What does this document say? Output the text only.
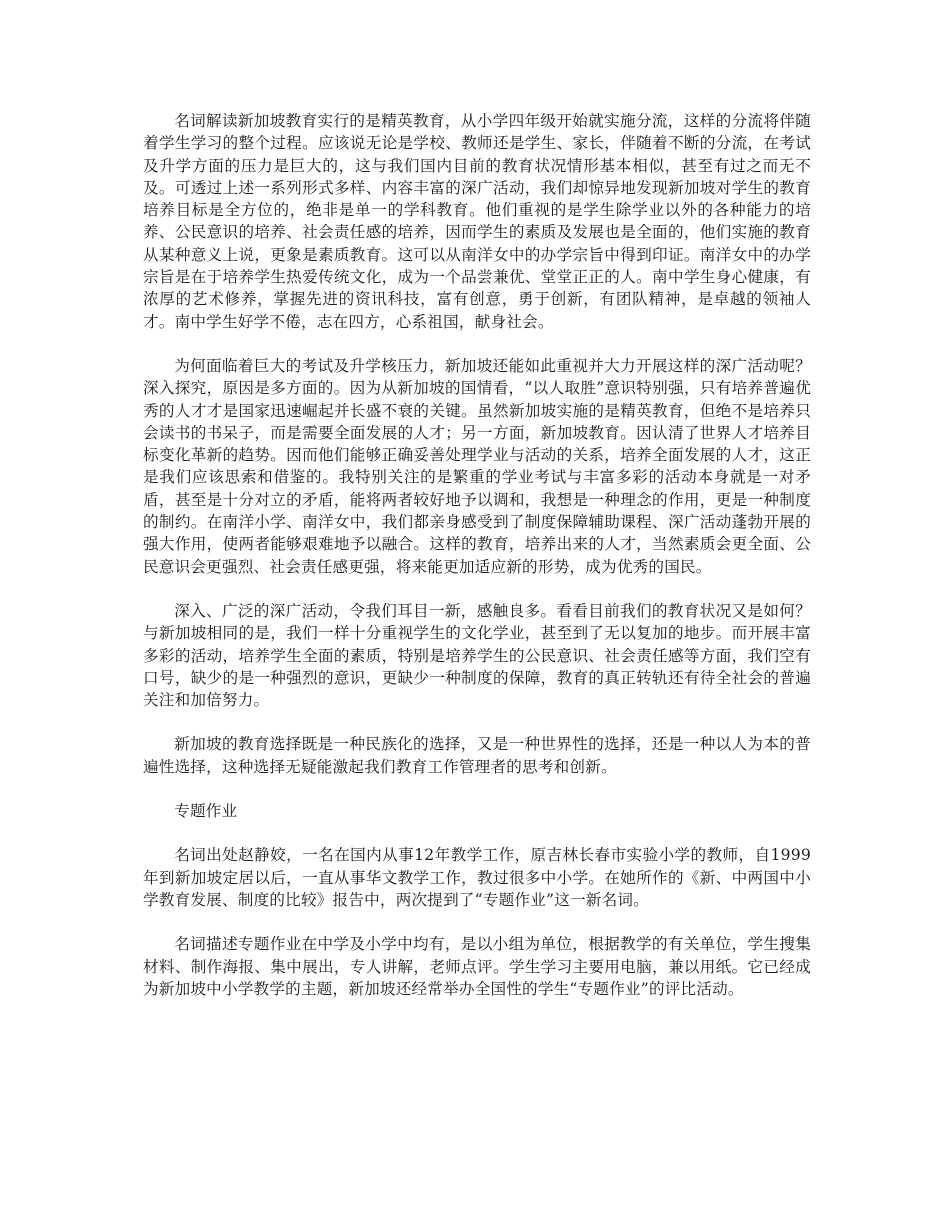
名词解读新加坡教育实行的是精英教育，从小学四年级开始就实施分流，这样的分流将伴随着学生学习的整个过程。应该说无论是学校、教师还是学生、家长，伴随着不断的分流，在考试及升学方面的压力是巨大的，这与我们国内目前的教育状况情形基本相似，甚至有过之而无不及。可透过上述一系列形式多样、内容丰富的深广活动，我们却惊异地发现新加坡对学生的教育培养目标是全方位的，绝非是单一的学科教育。他们重视的是学生除学业以外的各种能力的培养、公民意识的培养、社会责任感的培养，因而学生的素质及发展也是全面的，他们实施的教育从某种意义上说，更象是素质教育。这可以从南洋女中的办学宗旨中得到印证。南洋女中的办学宗旨是在于培养学生热爱传统文化，成为一个品尝兼优、堂堂正正的人。南中学生身心健康，有浓厚的艺术修养，掌握先进的资讯科技，富有创意，勇于创新，有团队精神，是卓越的领袖人才。南中学生好学不倦，志在四方，心系祖国，献身社会。

为何面临着巨大的考试及升学核压力，新加坡还能如此重视并大力开展这样的深广活动呢？深入探究，原因是多方面的。因为从新加坡的国情看，“以人取胜”意识特别强，只有培养普遍优秀的人才才是国家迅速崛起并长盛不衰的关键。虽然新加坡实施的是精英教育，但绝不是培养只会读书的书呆子，而是需要全面发展的人才；另一方面，新加坡教育。因认清了世界人才培养目标变化革新的趋势。因而他们能够正确妥善处理学业与活动的关系，培养全面发展的人才，这正是我们应该思索和借鉴的。我特别关注的是繁重的学业考试与丰富多彩的活动本身就是一对矛盾，甚至是十分对立的矛盾，能将两者较好地予以调和，我想是一种理念的作用，更是一种制度的制约。在南洋小学、南洋女中，我们都亲身感受到了制度保障辅助课程、深广活动蓬勃开展的强大作用，使两者能够艰难地予以融合。这样的教育，培养出来的人才，当然素质会更全面、公民意识会更强烈、社会责任感更强，将来能更加适应新的形势，成为优秀的国民。

深入、广泛的深广活动，令我们耳目一新，感触良多。看看目前我们的教育状况又是如何？与新加坡相同的是，我们一样十分重视学生的文化学业，甚至到了无以复加的地步。而开展丰富多彩的活动，培养学生全面的素质，特别是培养学生的公民意识、社会责任感等方面，我们空有口号，缺少的是一种强烈的意识，更缺少一种制度的保障，教育的真正转轨还有待全社会的普遍关注和加倍努力。

新加坡的教育选择既是一种民族化的选择，又是一种世界性的选择，还是一种以人为本的普遍性选择，这种选择无疑能激起我们教育工作管理者的思考和创新。

专题作业

名词出处赵静姣，一名在国内从事12年教学工作，原吉林长春市实验小学的教师，自1999年到新加坡定居以后，一直从事华文教学工作，教过很多中小学。在她所作的《新、中两国中小学教育发展、制度的比较》报告中，两次提到了“专题作业”这一新名词。

名词描述专题作业在中学及小学中均有，是以小组为单位，根据教学的有关单位，学生搜集材料、制作海报、集中展出，专人讲解，老师点评。学生学习主要用电脑，兼以用纸。它已经成为新加坡中小学教学的主题，新加坡还经常举办全国性的学生“专题作业”的评比活动。
